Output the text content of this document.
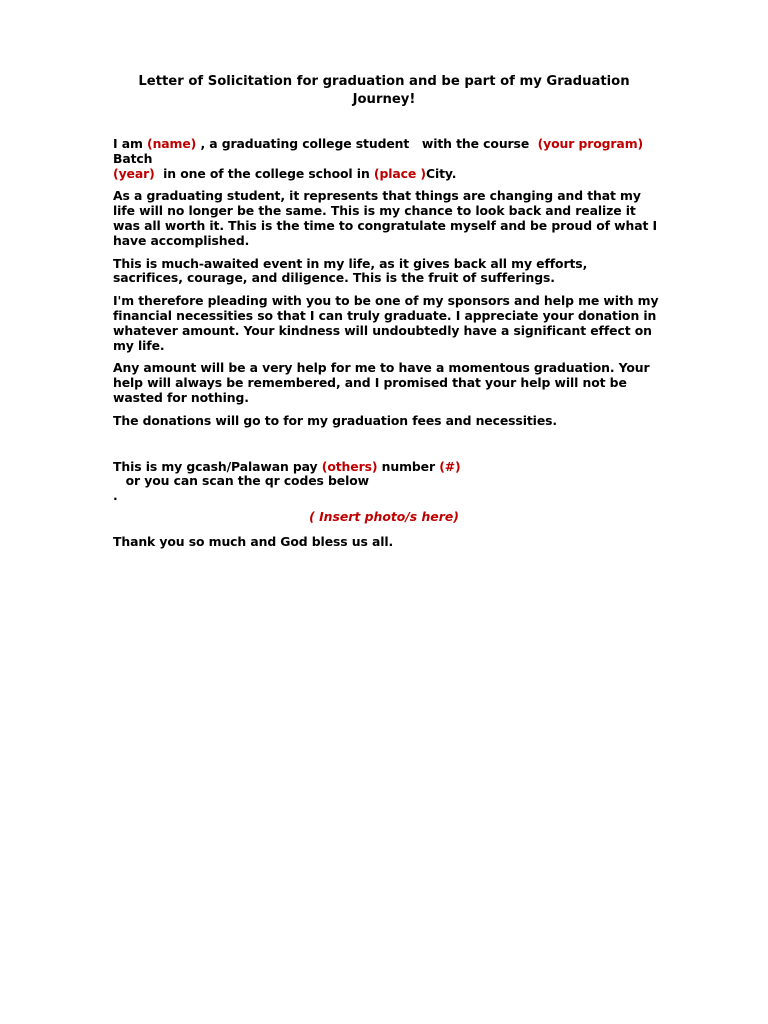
Letter of Solicitation for graduation and be part of my Graduation
Journey!

I am (name) , a graduating college student   with the course  (your program) Batch
(year)  in one of the college school in (place )City.

As a graduating student, it represents that things are changing and that my life will no longer be the same. This is my chance to look back and realize it was all worth it. This is the time to congratulate myself and be proud of what I have accomplished.

This is much-awaited event in my life, as it gives back all my efforts, sacrifices, courage, and diligence. This is the fruit of sufferings.

I'm therefore pleading with you to be one of my sponsors and help me with my financial necessities so that I can truly graduate. I appreciate your donation in whatever amount. Your kindness will undoubtedly have a significant effect on my life.

Any amount will be a very help for me to have a momentous graduation. Your help will always be remembered, and I promised that your help will not be wasted for nothing.

The donations will go to for my graduation fees and necessities.

This is my gcash/Palawan pay (others) number (#)   or you can scan the qr codes below
.

Thank you so much and God bless us all.

( Insert photo/s here)
